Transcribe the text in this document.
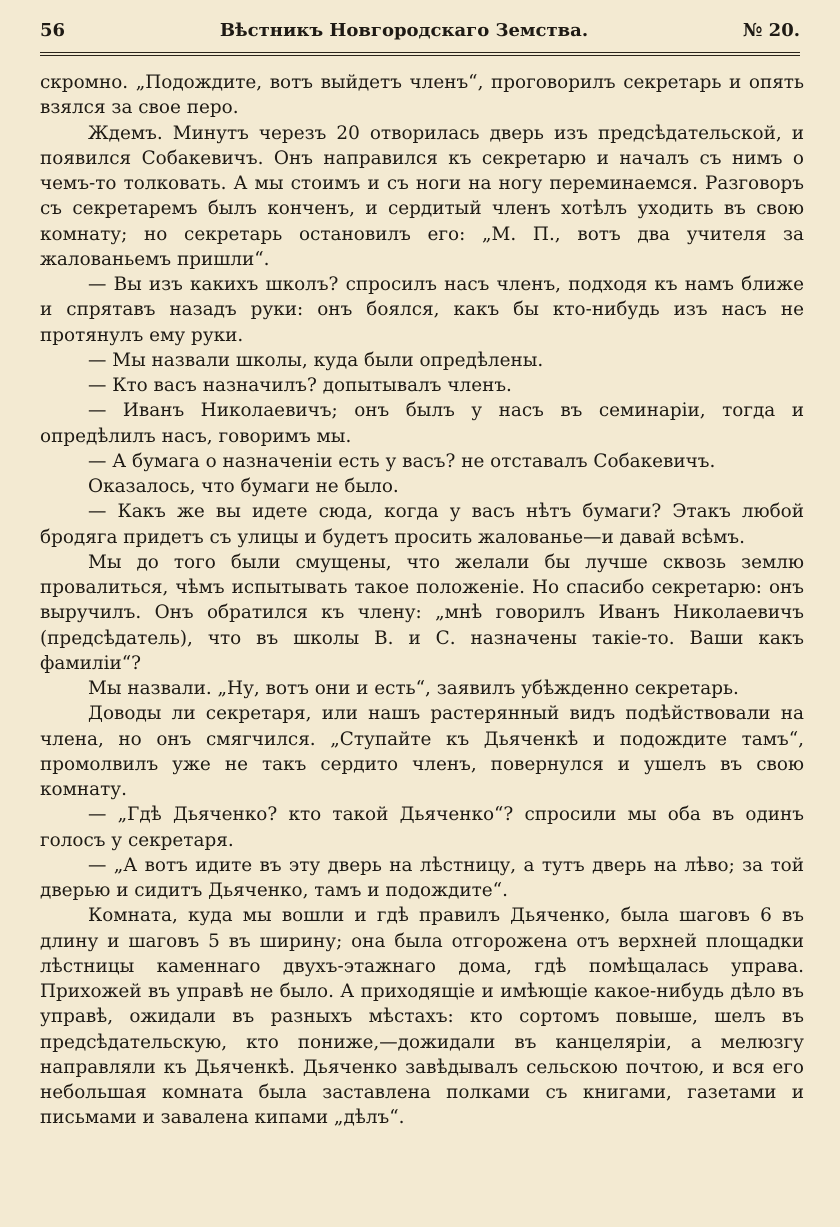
56	Вѣстникъ Новгородскаго Земства.	№ 20.

скромно. „Подождите, вотъ выйдетъ членъ“, проговорилъ секретарь и опять взялся за свое перо.

Ждемъ. Минутъ черезъ 20 отворилась дверь изъ предсѣдательской, и появился Собакевичъ. Онъ направился къ секретарю и началъ съ нимъ о чемъ-то толковать. А мы стоимъ и съ ноги на ногу переминаемся. Разговоръ съ секретаремъ былъ конченъ, и сердитый членъ хотѣлъ уходить въ свою комнату; но секретарь остановилъ его: „М. П., вотъ два учителя за жалованьемъ пришли“.

— Вы изъ какихъ школъ? спросилъ насъ членъ, подходя къ намъ ближе и спрятавъ назадъ руки: онъ боялся, какъ бы кто-нибудь изъ насъ не протянулъ ему руки.

— Мы назвали школы, куда были опредѣлены.

— Кто васъ назначилъ? допытывалъ членъ.

— Иванъ Николаевичъ; онъ былъ у насъ въ семинаріи, тогда и опредѣлилъ насъ, говоримъ мы.

— А бумага о назначеніи есть у васъ? не отставалъ Собакевичъ.

Оказалось, что бумаги не было.

— Какъ же вы идете сюда, когда у васъ нѣтъ бумаги? Этакъ любой бродяга придетъ съ улицы и будетъ просить жалованье—и давай всѣмъ.

Мы до того были смущены, что желали бы лучше сквозь землю провалиться, чѣмъ испытывать такое положеніе. Но спасибо секретарю: онъ выручилъ. Онъ обратился къ члену: „мнѣ говорилъ Иванъ Николаевичъ (предсѣдатель), что въ школы В. и С. назначены такіе-то. Ваши какъ фамиліи“?

Мы назвали. „Ну, вотъ они и есть“, заявилъ убѣжденно секретарь.

Доводы ли секретаря, или нашъ растерянный видъ подѣйствовали на члена, но онъ смягчился. „Ступайте къ Дьяченкѣ и подождите тамъ“, промолвилъ уже не такъ сердито членъ, повернулся и ушелъ въ свою комнату.

— „Гдѣ Дьяченко? кто такой Дьяченко“? спросили мы оба въ одинъ голосъ у секретаря.

— „А вотъ идите въ эту дверь на лѣстницу, а тутъ дверь на лѣво; за той дверью и сидитъ Дьяченко, тамъ и подождите“.

Комната, куда мы вошли и гдѣ правилъ Дьяченко, была шаговъ 6 въ длину и шаговъ 5 въ ширину; она была отгорожена отъ верхней площадки лѣстницы каменнаго двухъ-этажнаго дома, гдѣ помѣщалась управа. Прихожей въ управѣ не было. А приходящіе и имѣющіе какое-нибудь дѣло въ управѣ, ожидали въ разныхъ мѣстахъ: кто сортомъ повыше, шелъ въ предсѣдательскую, кто пониже,—дожидали въ канцеляріи, а мелюзгу направляли къ Дьяченкѣ. Дьяченко завѣдывалъ сельскою почтою, и вся его небольшая комната была заставлена полками съ книгами, газетами и письмами и завалена кипами „дѣлъ“.
